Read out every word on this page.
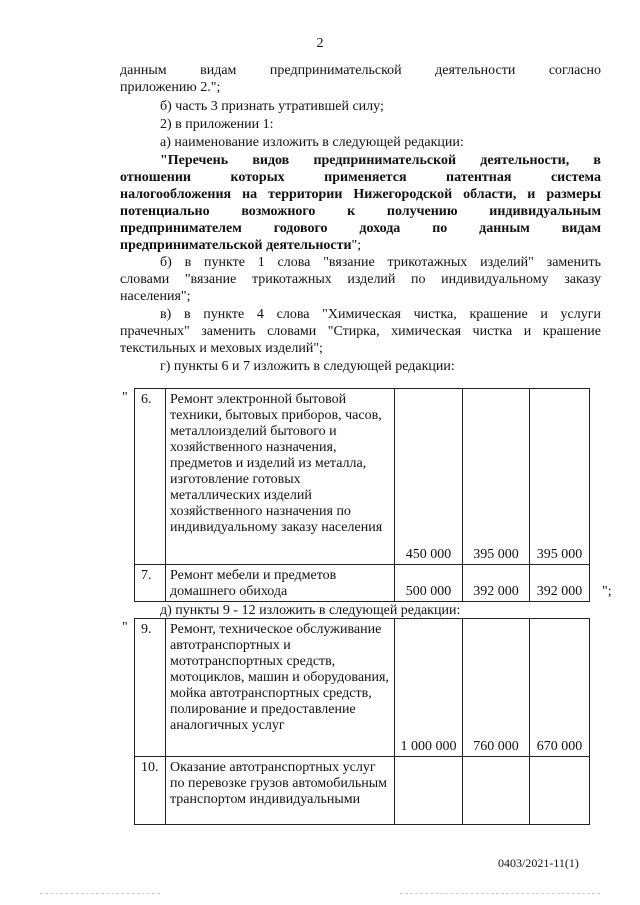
2
данным видам предпринимательской деятельности согласно
приложению 2.";
б) часть 3 признать утратившей силу;
2) в приложении 1:
а) наименование изложить в следующей редакции:
"Перечень видов предпринимательской деятельности, в
отношении которых применяется патентная система
налогообложения на территории Нижегородской области, и размеры
потенциально возможного к получению индивидуальным
предпринимателем годового дохода по данным видам
предпринимательской деятельности";
б) в пункте 1 слова "вязание трикотажных изделий" заменить
словами "вязание трикотажных изделий по индивидуальному заказу
населения";
в) в пункте 4 слова "Химическая чистка, крашение и услуги
прачечных" заменить словами "Стирка, химическая чистка и крашение
текстильных и меховых изделий";
г) пункты 6 и 7 изложить в следующей редакции:
" 6.	Ремонт электронной бытовой техники, бытовых приборов, часов, металлоизделий бытового и хозяйственного назначения, предметов и изделий из металла, изготовление готовых металлических изделий хозяйственного назначения по индивидуальному заказу населения	450 000	395 000	395 000
7.	Ремонт мебели и предметов домашнего обихода	500 000	392 000	392 000 ";
д) пункты 9 - 12 изложить в следующей редакции:
" 9.	Ремонт, техническое обслуживание автотранспортных и мототранспортных средств, мотоциклов, машин и оборудования, мойка автотранспортных средств, полирование и предоставление аналогичных услуг	1 000 000	760 000	670 000
10.	Оказание автотранспортных услуг по перевозке грузов автомобильным транспортом индивидуальными			
0403/2021-11(1)
